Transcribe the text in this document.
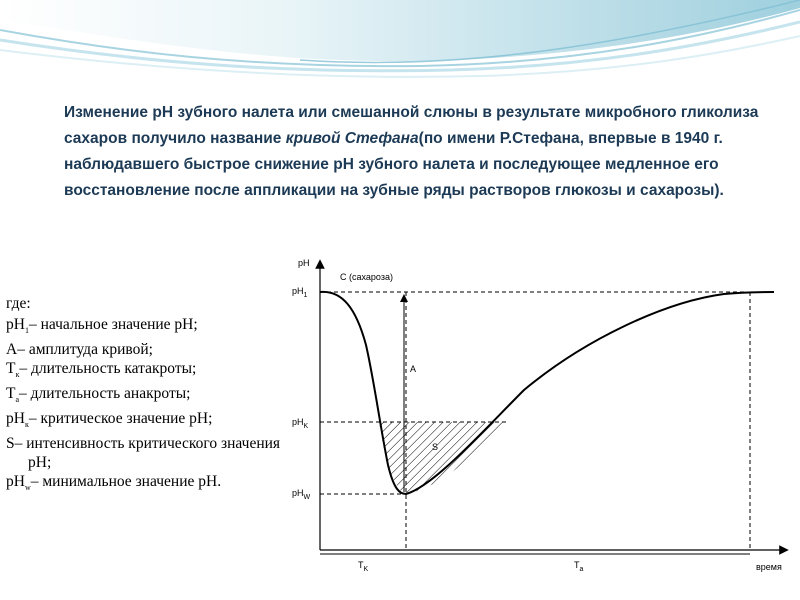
Изменение рН зубного налета или смешанной слюны в результате микробного гликолиза сахаров получило название кривой Стефана(по имени Р.Стефана, впервые в 1940 г. наблюдавшего быстрое снижение рН зубного налета и последующее медленное его восстановление после аппликации на зубные ряды растворов глюкозы и сахарозы).

где:

$pH_1-$ начальное значение pH;

A– амплитуда кривой;

$T_к-$ длительность катакроты;

$T_a-$ длительность анакроты;

$pH_к-$ критическое значение pH;

S– интенсивность критического значения pH;

$pH_w-$ минимальное значение pH.

pH
время
С (сахароза)
A
S
$pH_1$
$pH_K$
$pH_W$
$T_K$	$T_a$
